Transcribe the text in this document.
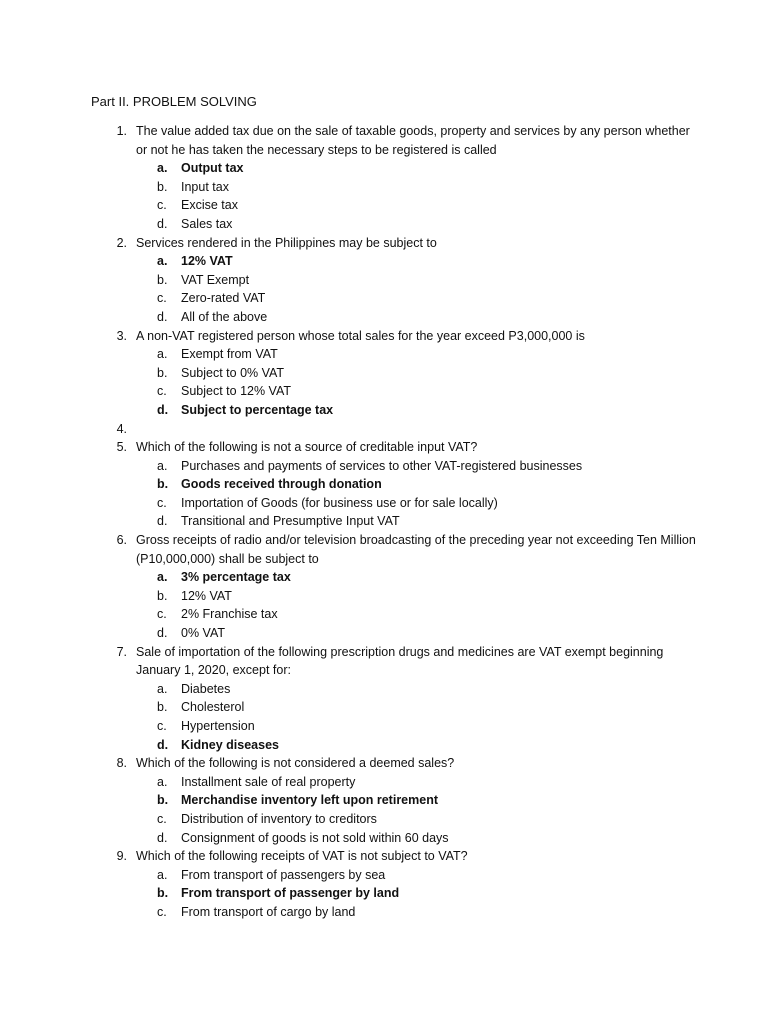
Part II. PROBLEM SOLVING
1. The value added tax due on the sale of taxable goods, property and services by any person whether or not he has taken the necessary steps to be registered is called
a. Output tax
b. Input tax
c. Excise tax
d. Sales tax
2. Services rendered in the Philippines may be subject to
a. 12% VAT
b. VAT Exempt
c. Zero-rated VAT
d. All of the above
3. A non-VAT registered person whose total sales for the year exceed P3,000,000 is
a. Exempt from VAT
b. Subject to 0% VAT
c. Subject to 12% VAT
d. Subject to percentage tax
4.
5. Which of the following is not a source of creditable input VAT?
a. Purchases and payments of services to other VAT-registered businesses
b. Goods received through donation
c. Importation of Goods (for business use or for sale locally)
d. Transitional and Presumptive Input VAT
6. Gross receipts of radio and/or television broadcasting of the preceding year not exceeding Ten Million (P10,000,000) shall be subject to
a. 3% percentage tax
b. 12% VAT
c. 2% Franchise tax
d. 0% VAT
7. Sale of importation of the following prescription drugs and medicines are VAT exempt beginning January 1, 2020, except for:
a. Diabetes
b. Cholesterol
c. Hypertension
d. Kidney diseases
8. Which of the following is not considered a deemed sales?
a. Installment sale of real property
b. Merchandise inventory left upon retirement
c. Distribution of inventory to creditors
d. Consignment of goods is not sold within 60 days
9. Which of the following receipts of VAT is not subject to VAT?
a. From transport of passengers by sea
b. From transport of passenger by land
c. From transport of cargo by land
